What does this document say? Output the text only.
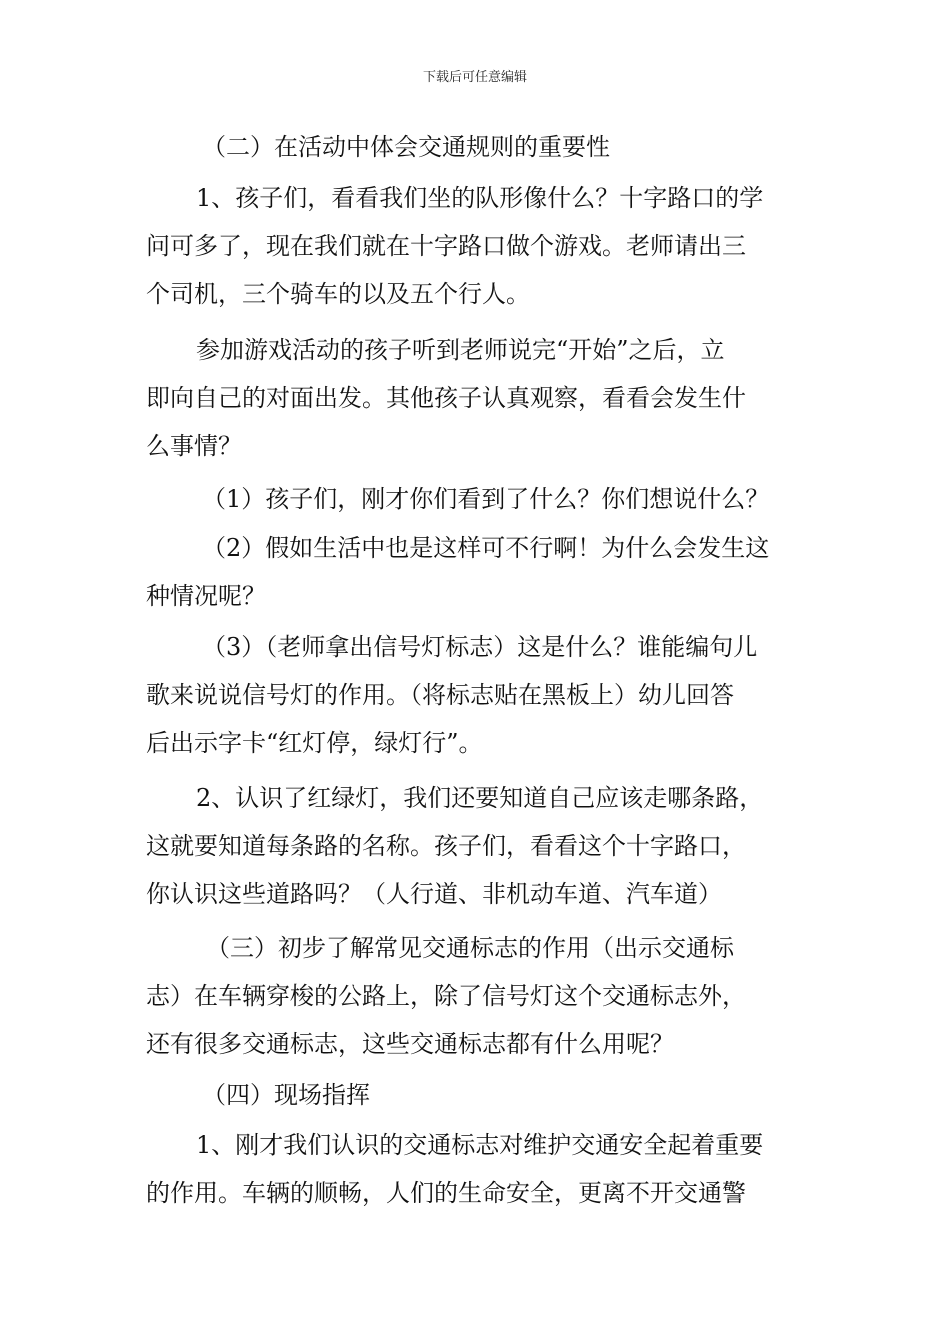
下载后可任意编辑
（二）在活动中体会交通规则的重要性
1、孩子们，看看我们坐的队形像什么？十字路口的学
问可多了，现在我们就在十字路口做个游戏。老师请出三
个司机，三个骑车的以及五个行人。
参加游戏活动的孩子听到老师说完“开始”之后，立
即向自己的对面出发。其他孩子认真观察，看看会发生什
么事情？
（1）孩子们，刚才你们看到了什么？你们想说什么？
（2）假如生活中也是这样可不行啊！为什么会发生这
种情况呢？
（3）（老师拿出信号灯标志）这是什么？谁能编句儿
歌来说说信号灯的作用。（将标志贴在黑板上）幼儿回答
后出示字卡“红灯停，绿灯行”。
2、认识了红绿灯，我们还要知道自己应该走哪条路，
这就要知道每条路的名称。孩子们，看看这个十字路口，
你认识这些道路吗？（人行道、非机动车道、汽车道）
（三）初步了解常见交通标志的作用（出示交通标
志）在车辆穿梭的公路上，除了信号灯这个交通标志外，
还有很多交通标志，这些交通标志都有什么用呢？
（四）现场指挥
1、刚才我们认识的交通标志对维护交通安全起着重要
的作用。车辆的顺畅，人们的生命安全，更离不开交通警
